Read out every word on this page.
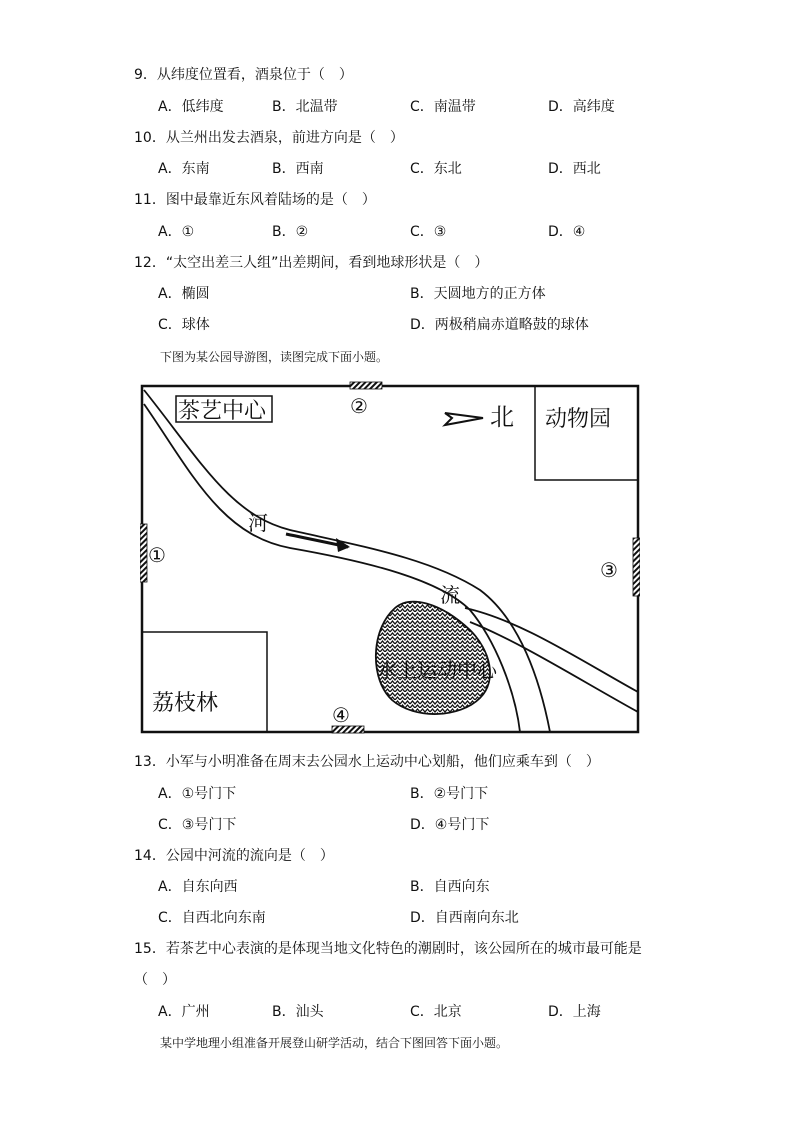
9．从纬度位置看，酒泉位于（　）
A．低纬度	B．北温带	C．南温带	D．高纬度
10．从兰州出发去酒泉，前进方向是（　）
A．东南	B．西南	C．东北	D．西北
11．图中最靠近东风着陆场的是（　）
A．①	B．②	C．③	D．④
12．“太空出差三人组”出差期间，看到地球形状是（　）
A．椭圆	B．天圆地方的正方体
C．球体	D．两极稍扁赤道略鼓的球体
下图为某公园导游图，读图完成下面小题。
茶艺中心	动物园
荔枝林
水上运动中心
河
流
北
②
①
③
④
13．小军与小明准备在周末去公园水上运动中心划船，他们应乘车到（　）
A．①号门下	B．②号门下
C．③号门下	D．④号门下
14．公园中河流的流向是（　）
A．自东向西	B．自西向东
C．自西北向东南	D．自西南向东北
15．若茶艺中心表演的是体现当地文化特色的潮剧时，该公园所在的城市最可能是
（　）
A．广州	B．汕头	C．北京	D．上海
某中学地理小组准备开展登山研学活动，结合下图回答下面小题。
